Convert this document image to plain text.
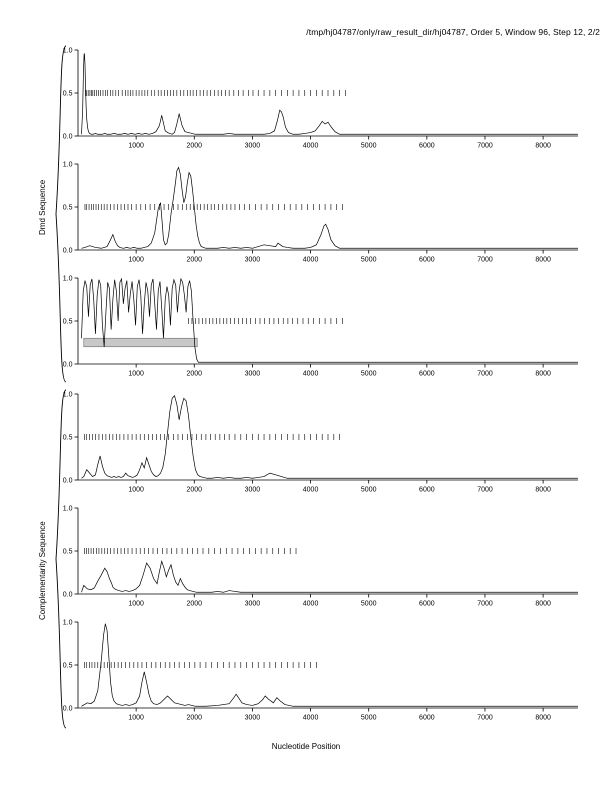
/tmp/hj04787/only/raw_result_dir/hj04787, Order 5, Window 96, Step 12, 2/2
Dmd Sequence
Complementarity Sequence
0.0
0.5
1.0
1000	2000	3000	4000	5000	6000	7000	8000
0.0
0.5
1.0
1000	2000	3000	4000	5000	6000	7000	8000
0.0
0.5
1.0
1000	2000	3000	4000	5000	6000	7000	8000
0.0
0.5
1.0
1000	2000	3000	4000	5000	6000	7000	8000
0.0
0.5
1.0
1000	2000	3000	4000	5000	6000	7000	8000
0.0
0.5
1.0
1000	2000	3000	4000	5000	6000	7000	8000
Nucleotide Position
